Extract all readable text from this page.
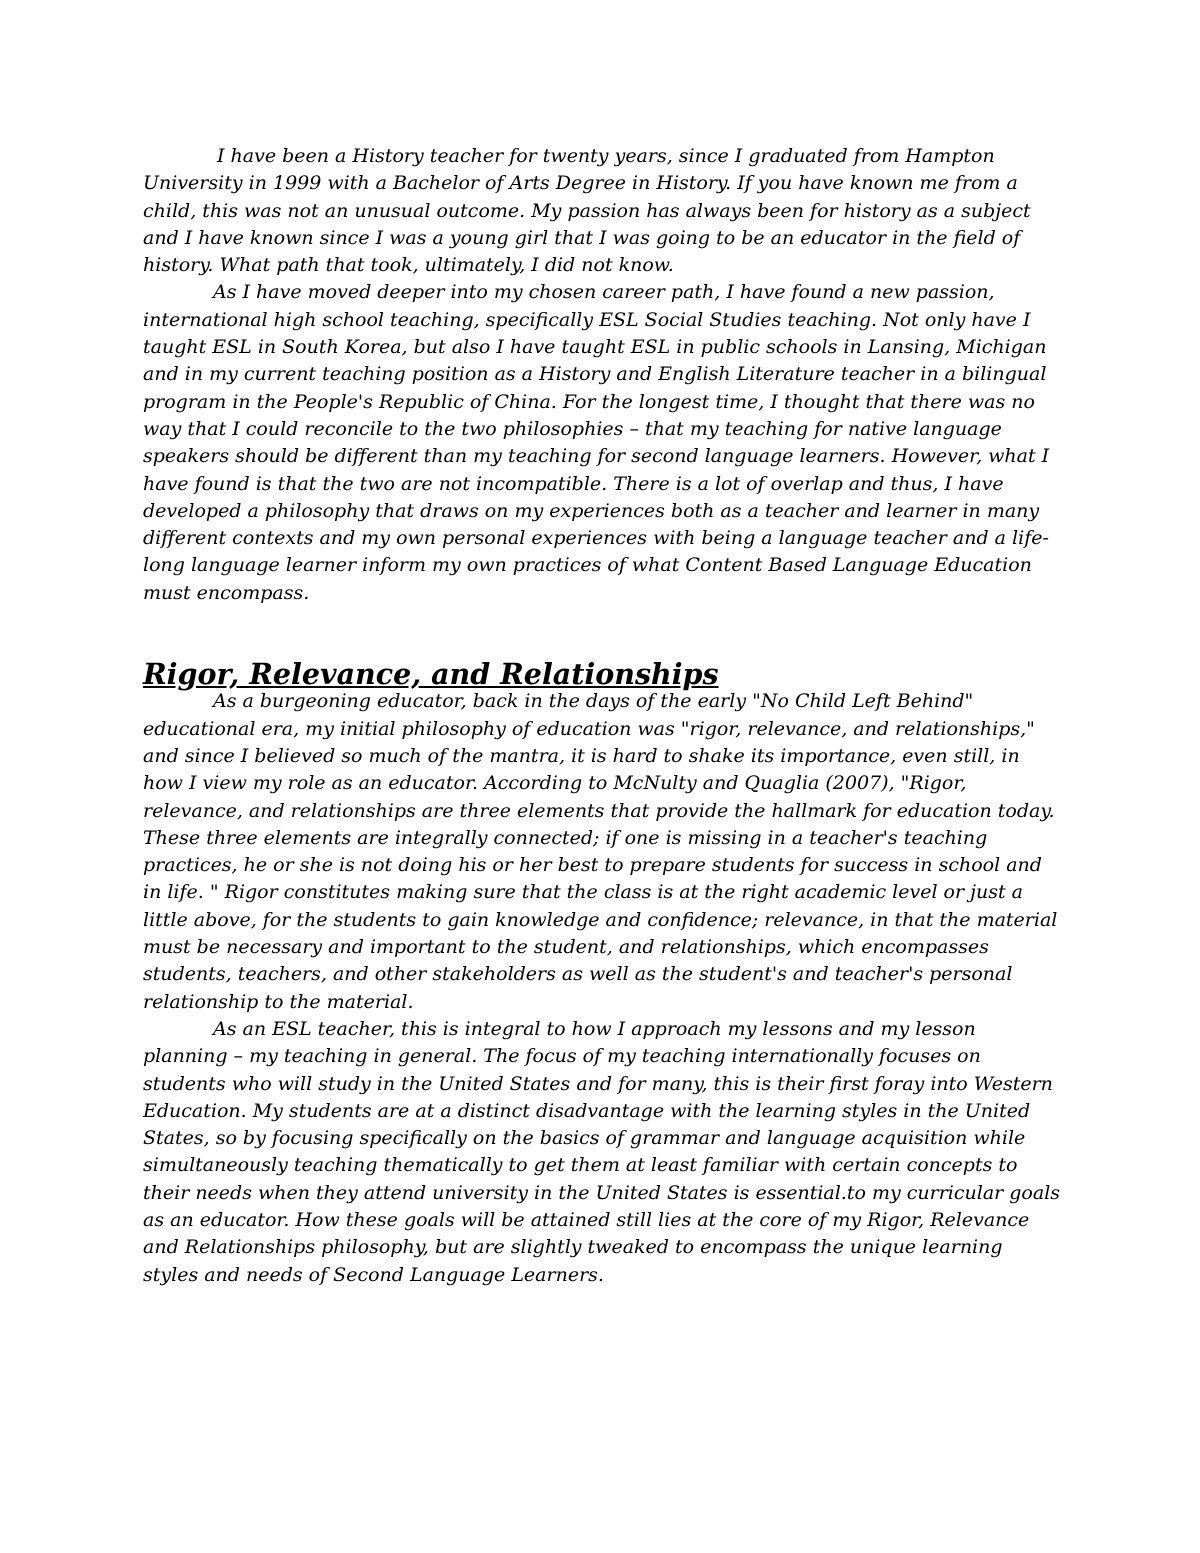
I have been a History teacher for twenty years, since I graduated from Hampton University in 1999 with a Bachelor of Arts Degree in History. If you have known me from a child, this was not an unusual outcome. My passion has always been for history as a subject and I have known since I was a young girl that I was going to be an educator in the field of history. What path that took, ultimately, I did not know.

As I have moved deeper into my chosen career path, I have found a new passion, international high school teaching, specifically ESL Social Studies teaching. Not only have I taught ESL in South Korea, but also I have taught ESL in public schools in Lansing, Michigan and in my current teaching position as a History and English Literature teacher in a bilingual program in the People's Republic of China. For the longest time, I thought that there was no way that I could reconcile to the two philosophies – that my teaching for native language speakers should be different than my teaching for second language learners. However, what I have found is that the two are not incompatible. There is a lot of overlap and thus, I have developed a philosophy that draws on my experiences both as a teacher and learner in many different contexts and my own personal experiences with being a language teacher and a life-long language learner inform my own practices of what Content Based Language Education must encompass.

Rigor, Relevance, and Relationships

As a burgeoning educator, back in the days of the early "No Child Left Behind" educational era, my initial philosophy of education was "rigor, relevance, and relationships," and since I believed so much of the mantra, it is hard to shake its importance, even still, in how I view my role as an educator. According to McNulty and Quaglia (2007), "Rigor, relevance, and relationships are three elements that provide the hallmark for education today. These three elements are integrally connected; if one is missing in a teacher's teaching practices, he or she is not doing his or her best to prepare students for success in school and in life. " Rigor constitutes making sure that the class is at the right academic level or just a little above, for the students to gain knowledge and confidence; relevance, in that the material must be necessary and important to the student, and relationships, which encompasses students, teachers, and other stakeholders as well as the student's and teacher's personal relationship to the material.

As an ESL teacher, this is integral to how I approach my lessons and my lesson planning – my teaching in general. The focus of my teaching internationally focuses on students who will study in the United States and for many, this is their first foray into Western Education. My students are at a distinct disadvantage with the learning styles in the United States, so by focusing specifically on the basics of grammar and language acquisition while simultaneously teaching thematically to get them at least familiar with certain concepts to their needs when they attend university in the United States is essential.to my curricular goals as an educator. How these goals will be attained still lies at the core of my Rigor, Relevance and Relationships philosophy, but are slightly tweaked to encompass the unique learning styles and needs of Second Language Learners.
